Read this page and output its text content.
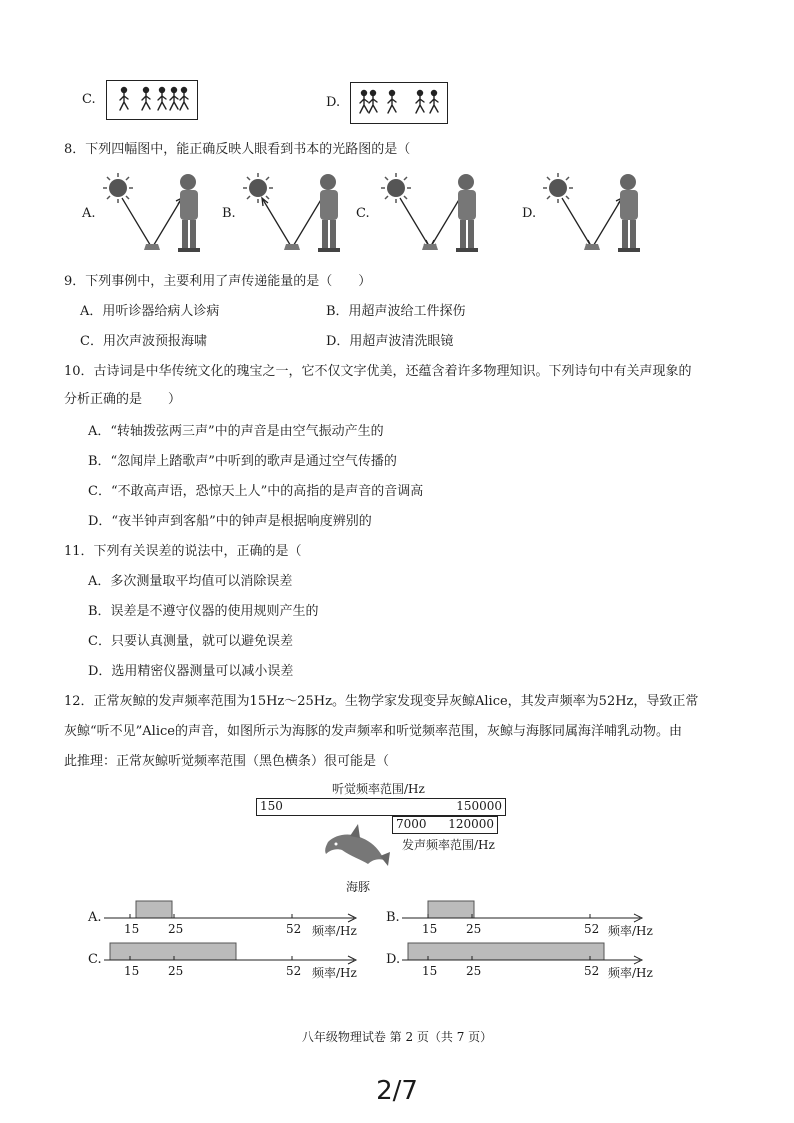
C.	D.
8．下列四幅图中，能正确反映人眼看到书本的光路图的是（
A.	B.	C.	D.
9．下列事例中，主要利用了声传递能量的是（　　）
A．用听诊器给病人诊病	B．用超声波给工件探伤
C．用次声波预报海啸	D．用超声波清洗眼镜
10．古诗词是中华传统文化的瑰宝之一，它不仅文字优美，还蕴含着许多物理知识。下列诗句中有关声现象的
分析正确的是　　）
A．“转轴拨弦两三声”中的声音是由空气振动产生的
B．“忽闻岸上踏歌声”中听到的歌声是通过空气传播的
C．“不敢高声语，恐惊天上人”中的高指的是声音的音调高
D．“夜半钟声到客船”中的钟声是根据响度辨别的
11．下列有关误差的说法中，正确的是（
A．多次测量取平均值可以消除误差
B．误差是不遵守仪器的使用规则产生的
C．只要认真测量，就可以避免误差
D．选用精密仪器测量可以减小误差
12．正常灰鲸的发声频率范围为15Hz～25Hz。生物学家发现变异灰鲸Alice，其发声频率为52Hz，导致正常
灰鲸“听不见”Alice的声音，如图所示为海豚的发声频率和听觉频率范围，灰鲸与海豚同属海洋哺乳动物。由
此推理：正常灰鲸听觉频率范围（黑色横条）很可能是（
听觉频率范围/Hz
150	150000
7000 120000
发声频率范围/Hz
海豚
A.
15 25	52 频率/Hz
B.
15 25	52 频率/Hz
C.
15 25	52 频率/Hz
D.
15 25	52 频率/Hz
八年级物理试卷 第 2 页（共 7 页）
2/7
